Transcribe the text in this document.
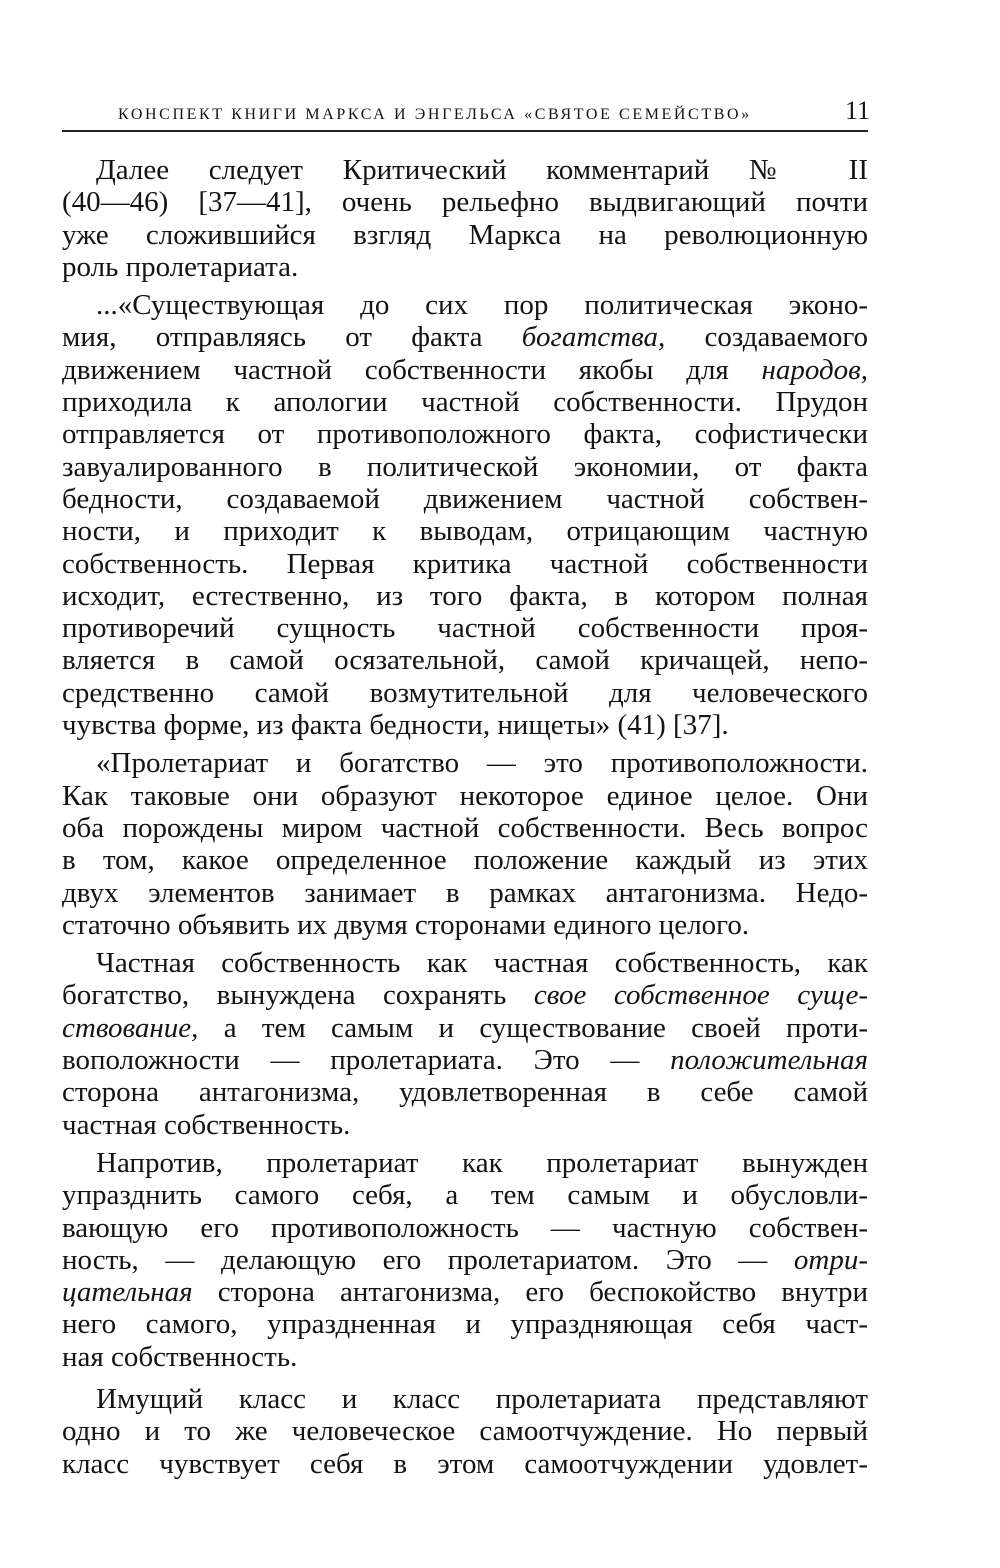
КОНСПЕКТ КНИГИ МАРКСА И ЭНГЕЛЬСА «СВЯТОЕ СЕМЕЙСТВО»	11
Далее следует Критический комментарий № II
(40—46) [37—41], очень рельефно выдвигающий почти
уже сложившийся взгляд Маркса на революционную
роль пролетариата.
...«Существующая до сих пор политическая эконо-
мия, отправляясь от факта богатства, создаваемого
движением частной собственности якобы для народов,
приходила к апологии частной собственности. Прудон
отправляется от противоположного факта, софистически
завуалированного в политической экономии, от факта
бедности, создаваемой движением частной собствен-
ности, и приходит к выводам, отрицающим частную
собственность. Первая критика частной собственности
исходит, естественно, из того факта, в котором полная
противоречий сущность частной собственности проя-
вляется в самой осязательной, самой кричащей, непо-
средственно самой возмутительной для человеческого
чувства форме, из факта бедности, нищеты» (41) [37].
«Пролетариат и богатство — это противоположности.
Как таковые они образуют некоторое единое целое. Они
оба порождены миром частной собственности. Весь вопрос
в том, какое определенное положение каждый из этих
двух элементов занимает в рамках антагонизма. Недо-
статочно объявить их двумя сторонами единого целого.
Частная собственность как частная собственность, как
богатство, вынуждена сохранять свое собственное суще-
ствование, а тем самым и существование своей проти-
воположности — пролетариата. Это — положительная
сторона антагонизма, удовлетворенная в себе самой
частная собственность.
Напротив, пролетариат как пролетариат вынужден
упразднить самого себя, а тем самым и обусловли-
вающую его противоположность — частную собствен-
ность, — делающую его пролетариатом. Это — отри-
цательная сторона антагонизма, его беспокойство внутри
него самого, упраздненная и упраздняющая себя част-
ная собственность.
Имущий класс и класс пролетариата представляют
одно и то же человеческое самоотчуждение. Но первый
класс чувствует себя в этом самоотчуждении удовлет-
